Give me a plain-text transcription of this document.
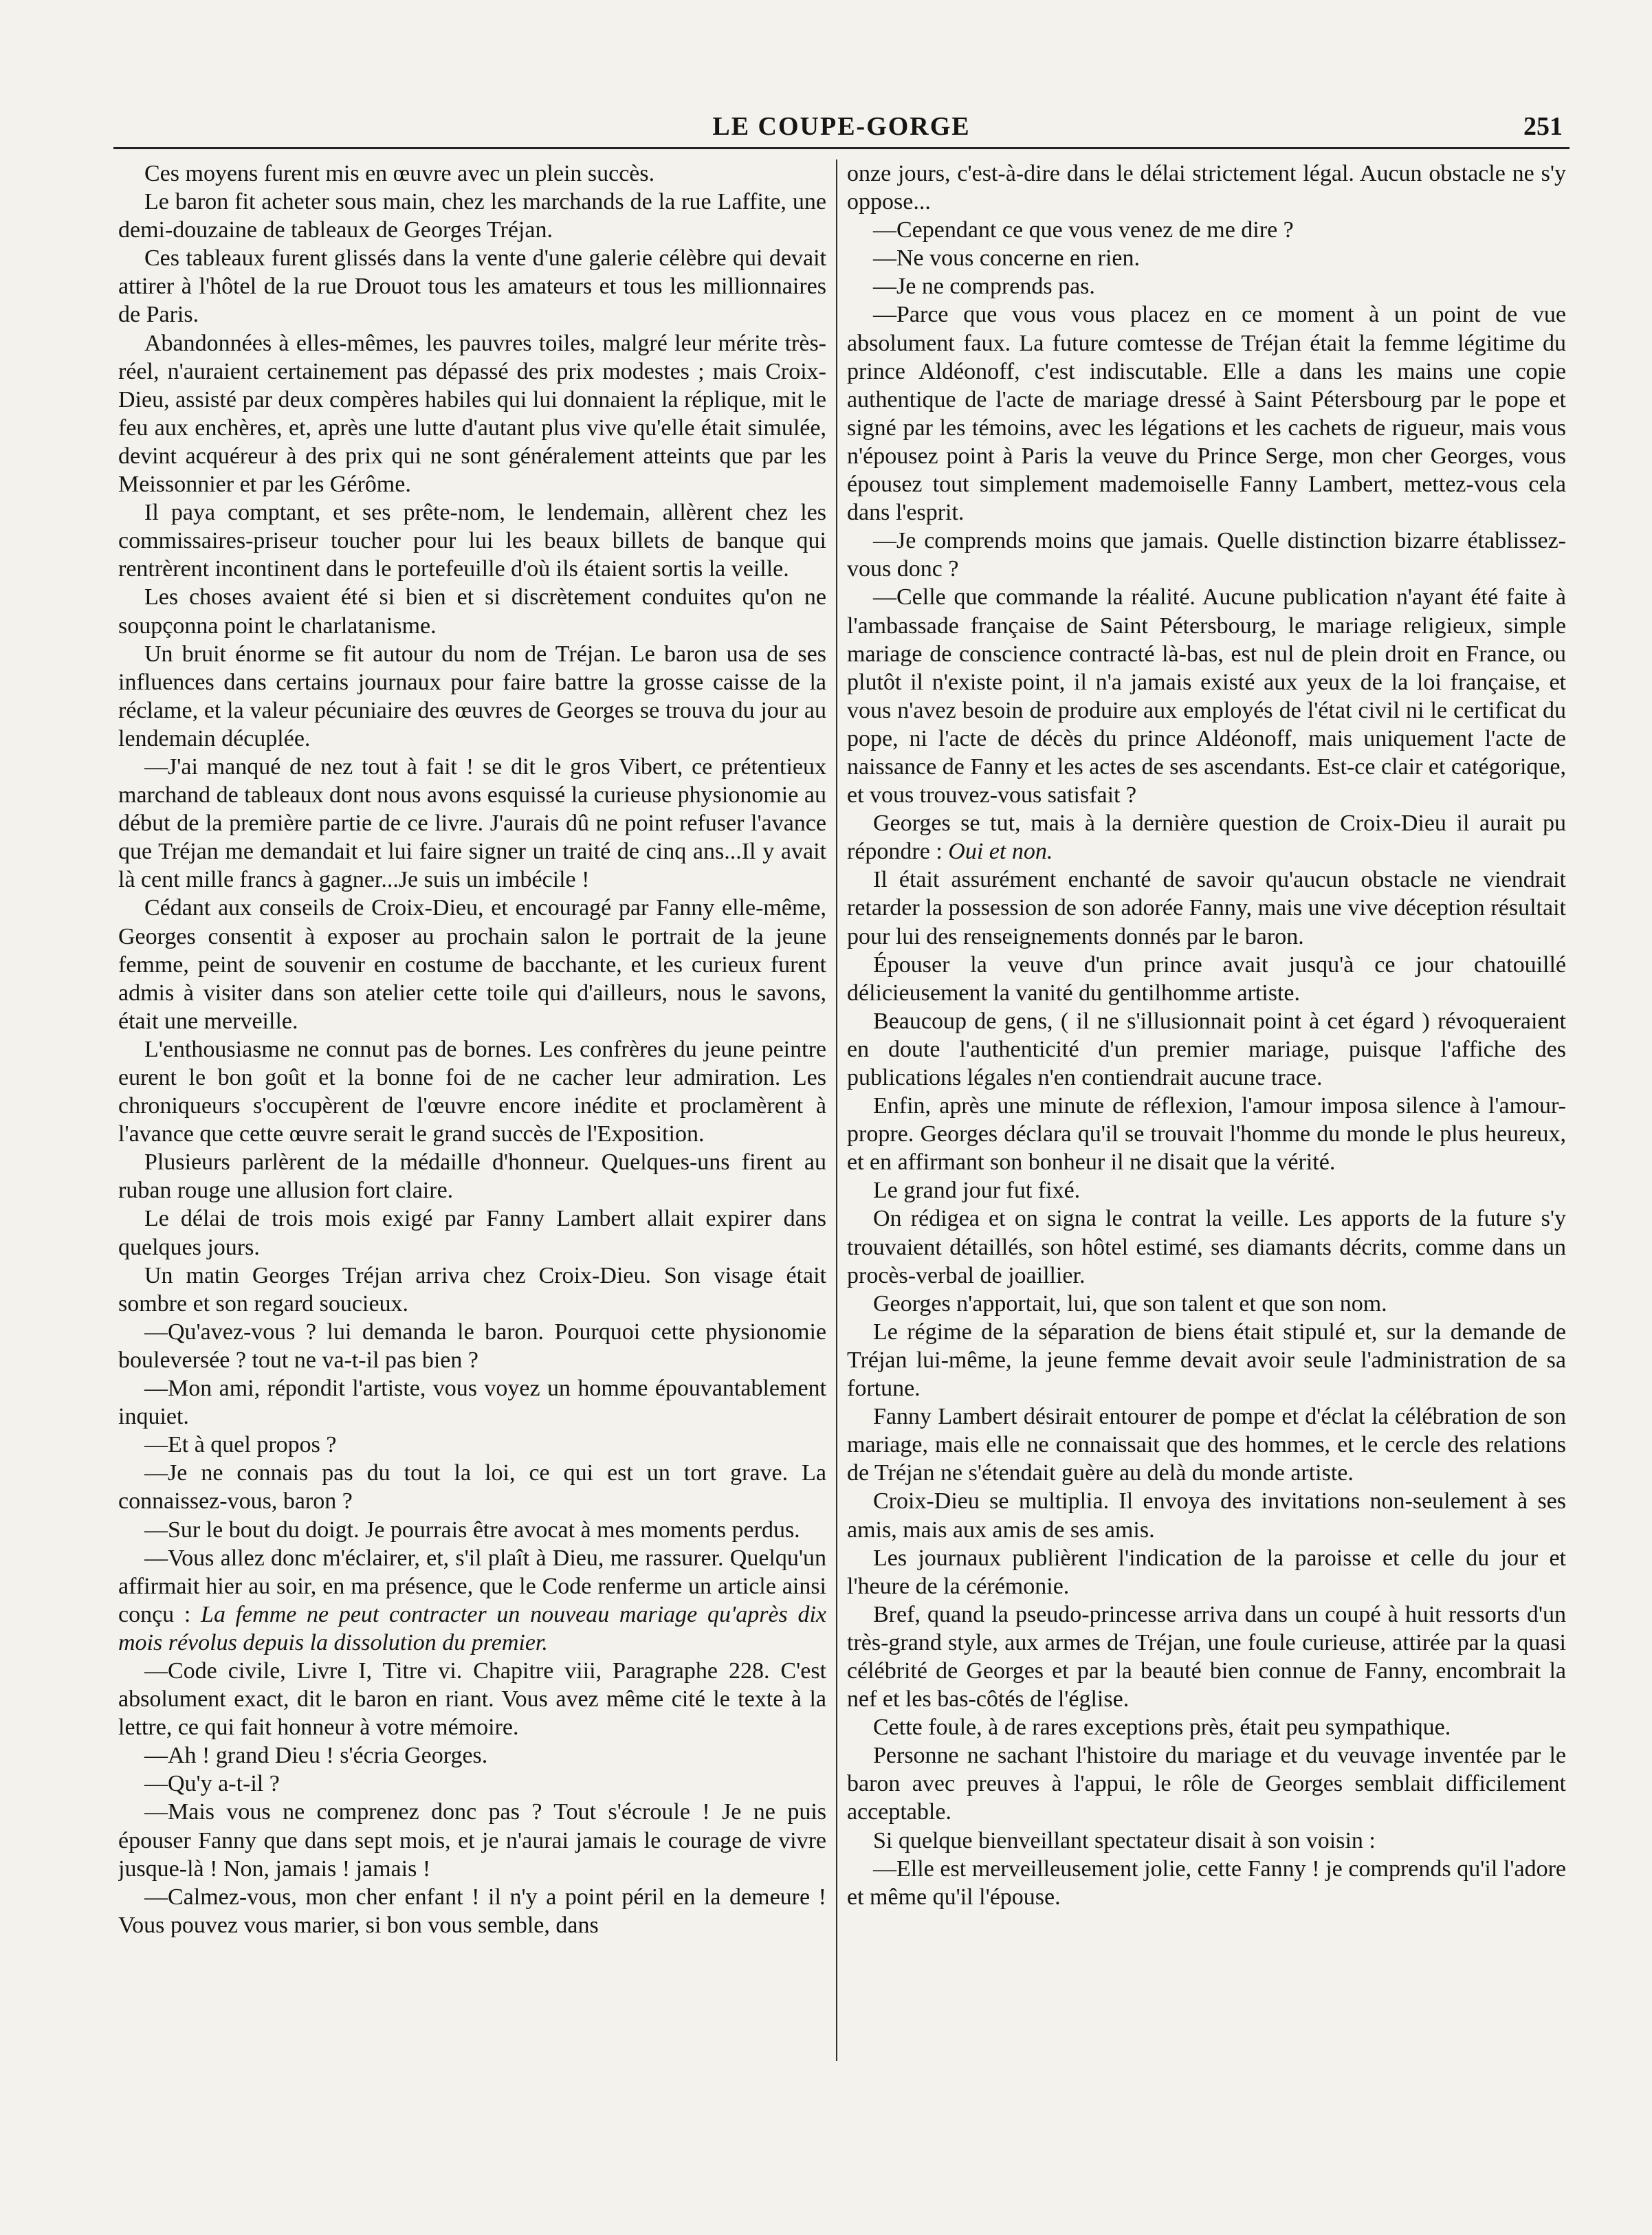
LE COUPE-GORGE	251

Ces moyens furent mis en œuvre avec un plein succès.

Le baron fit acheter sous main, chez les marchands de la rue Laffite, une demi-douzaine de tableaux de Georges Tréjan.

Ces tableaux furent glissés dans la vente d'une galerie célèbre qui devait attirer à l'hôtel de la rue Drouot tous les amateurs et tous les millionnaires de Paris.

Abandonnées à elles-mêmes, les pauvres toiles, malgré leur mérite très-réel, n'auraient certainement pas dépassé des prix modestes ; mais Croix-Dieu, assisté par deux compères habiles qui lui donnaient la réplique, mit le feu aux enchères, et, après une lutte d'autant plus vive qu'elle était simulée, devint acquéreur à des prix qui ne sont généralement atteints que par les Meissonnier et par les Gérôme.

Il paya comptant, et ses prête-nom, le lendemain, allèrent chez les commissaires-priseur toucher pour lui les beaux billets de banque qui rentrèrent incontinent dans le portefeuille d'où ils étaient sortis la veille.

Les choses avaient été si bien et si discrètement conduites qu'on ne soupçonna point le charlatanisme.

Un bruit énorme se fit autour du nom de Tréjan. Le baron usa de ses influences dans certains journaux pour faire battre la grosse caisse de la réclame, et la valeur pécuniaire des œuvres de Georges se trouva du jour au lendemain décuplée.

—J'ai manqué de nez tout à fait ! se dit le gros Vibert, ce prétentieux marchand de tableaux dont nous avons esquissé la curieuse physionomie au début de la première partie de ce livre. J'aurais dû ne point refuser l'avance que Tréjan me demandait et lui faire signer un traité de cinq ans...Il y avait là cent mille francs à gagner...Je suis un imbécile !

Cédant aux conseils de Croix-Dieu, et encouragé par Fanny elle-même, Georges consentit à exposer au prochain salon le portrait de la jeune femme, peint de souvenir en costume de bacchante, et les curieux furent admis à visiter dans son atelier cette toile qui d'ailleurs, nous le savons, était une merveille.

L'enthousiasme ne connut pas de bornes. Les confrères du jeune peintre eurent le bon goût et la bonne foi de ne cacher leur admiration. Les chroniqueurs s'occupèrent de l'œuvre encore inédite et proclamèrent à l'avance que cette œuvre serait le grand succès de l'Exposition.

Plusieurs parlèrent de la médaille d'honneur. Quelques-uns firent au ruban rouge une allusion fort claire.

Le délai de trois mois exigé par Fanny Lambert allait expirer dans quelques jours.

Un matin Georges Tréjan arriva chez Croix-Dieu. Son visage était sombre et son regard soucieux.

—Qu'avez-vous ? lui demanda le baron. Pourquoi cette physionomie bouleversée ? tout ne va-t-il pas bien ?

—Mon ami, répondit l'artiste, vous voyez un homme épouvantablement inquiet.

—Et à quel propos ?

—Je ne connais pas du tout la loi, ce qui est un tort grave. La connaissez-vous, baron ?

—Sur le bout du doigt. Je pourrais être avocat à mes moments perdus.

—Vous allez donc m'éclairer, et, s'il plaît à Dieu, me rassurer. Quelqu'un affirmait hier au soir, en ma présence, que le Code renferme un article ainsi conçu : La femme ne peut contracter un nouveau mariage qu'après dix mois révolus depuis la dissolution du premier.

—Code civile, Livre I, Titre vi. Chapitre viii, Paragraphe 228. C'est absolument exact, dit le baron en riant. Vous avez même cité le texte à la lettre, ce qui fait honneur à votre mémoire.

—Ah ! grand Dieu ! s'écria Georges.

—Qu'y a-t-il ?

—Mais vous ne comprenez donc pas ? Tout s'écroule ! Je ne puis épouser Fanny que dans sept mois, et je n'aurai jamais le courage de vivre jusque-là ! Non, jamais ! jamais !

—Calmez-vous, mon cher enfant ! il n'y a point péril en la demeure ! Vous pouvez vous marier, si bon vous semble, dans

onze jours, c'est-à-dire dans le délai strictement légal. Aucun obstacle ne s'y oppose...

—Cependant ce que vous venez de me dire ?

—Ne vous concerne en rien.

—Je ne comprends pas.

—Parce que vous vous placez en ce moment à un point de vue absolument faux. La future comtesse de Tréjan était la femme légitime du prince Aldéonoff, c'est indiscutable. Elle a dans les mains une copie authentique de l'acte de mariage dressé à Saint Pétersbourg par le pope et signé par les témoins, avec les légations et les cachets de rigueur, mais vous n'épousez point à Paris la veuve du Prince Serge, mon cher Georges, vous épousez tout simplement mademoiselle Fanny Lambert, mettez-vous cela dans l'esprit.

—Je comprends moins que jamais. Quelle distinction bizarre établissez-vous donc ?

—Celle que commande la réalité. Aucune publication n'ayant été faite à l'ambassade française de Saint Pétersbourg, le mariage religieux, simple mariage de conscience contracté là-bas, est nul de plein droit en France, ou plutôt il n'existe point, il n'a jamais existé aux yeux de la loi française, et vous n'avez besoin de produire aux employés de l'état civil ni le certificat du pope, ni l'acte de décès du prince Aldéonoff, mais uniquement l'acte de naissance de Fanny et les actes de ses ascendants. Est-ce clair et catégorique, et vous trouvez-vous satisfait ?

Georges se tut, mais à la dernière question de Croix-Dieu il aurait pu répondre : Oui et non.

Il était assurément enchanté de savoir qu'aucun obstacle ne viendrait retarder la possession de son adorée Fanny, mais une vive déception résultait pour lui des renseignements donnés par le baron.

Épouser la veuve d'un prince avait jusqu'à ce jour chatouillé délicieusement la vanité du gentilhomme artiste.

Beaucoup de gens, ( il ne s'illusionnait point à cet égard ) révoqueraient en doute l'authenticité d'un premier mariage, puisque l'affiche des publications légales n'en contiendrait aucune trace.

Enfin, après une minute de réflexion, l'amour imposa silence à l'amour-propre. Georges déclara qu'il se trouvait l'homme du monde le plus heureux, et en affirmant son bonheur il ne disait que la vérité.

Le grand jour fut fixé.

On rédigea et on signa le contrat la veille. Les apports de la future s'y trouvaient détaillés, son hôtel estimé, ses diamants décrits, comme dans un procès-verbal de joaillier.

Georges n'apportait, lui, que son talent et que son nom.

Le régime de la séparation de biens était stipulé et, sur la demande de Tréjan lui-même, la jeune femme devait avoir seule l'administration de sa fortune.

Fanny Lambert désirait entourer de pompe et d'éclat la célébration de son mariage, mais elle ne connaissait que des hommes, et le cercle des relations de Tréjan ne s'étendait guère au delà du monde artiste.

Croix-Dieu se multiplia. Il envoya des invitations non-seulement à ses amis, mais aux amis de ses amis.

Les journaux publièrent l'indication de la paroisse et celle du jour et l'heure de la cérémonie.

Bref, quand la pseudo-princesse arriva dans un coupé à huit ressorts d'un très-grand style, aux armes de Tréjan, une foule curieuse, attirée par la quasi célébrité de Georges et par la beauté bien connue de Fanny, encombrait la nef et les bas-côtés de l'église.

Cette foule, à de rares exceptions près, était peu sympathique.

Personne ne sachant l'histoire du mariage et du veuvage inventée par le baron avec preuves à l'appui, le rôle de Georges semblait difficilement acceptable.

Si quelque bienveillant spectateur disait à son voisin :

—Elle est merveilleusement jolie, cette Fanny ! je comprends qu'il l'adore et même qu'il l'épouse.
